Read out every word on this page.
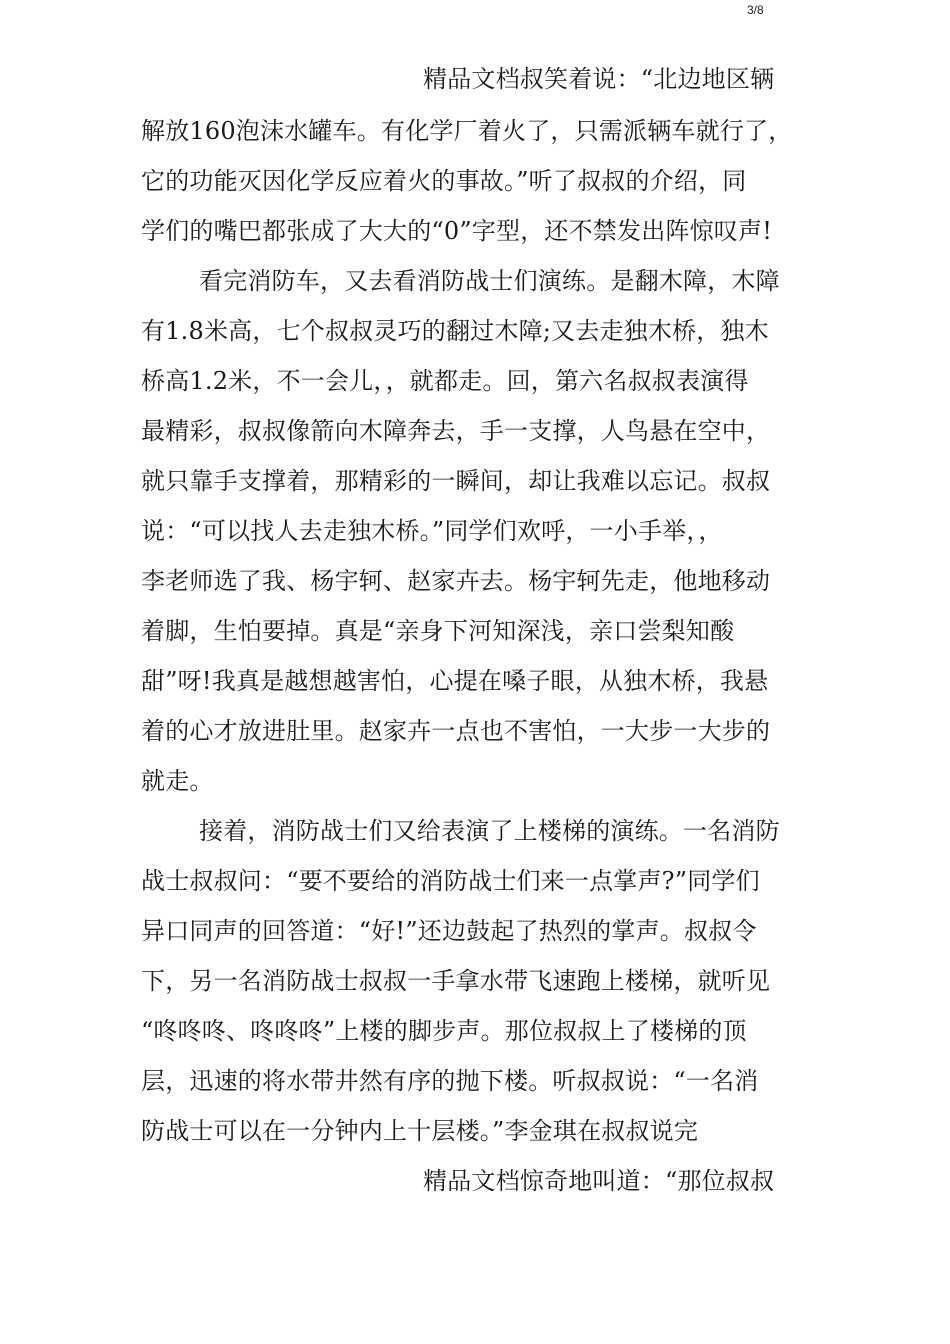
3/8
精品文档叔笑着说：“北边地区辆
解放160泡沫水罐车。有化学厂着火了，只需派辆车就行了，
它的功能灭因化学反应着火的事故。”听了叔叔的介绍，同
学们的嘴巴都张成了大大的“0”字型，还不禁发出阵惊叹声!
看完消防车，又去看消防战士们演练。是翻木障，木障
有1.8米高，七个叔叔灵巧的翻过木障;又去走独木桥，独木
桥高1.2米，不一会儿，，就都走。回，第六名叔叔表演得
最精彩，叔叔像箭向木障奔去，手一支撑，人鸟悬在空中，
就只靠手支撑着，那精彩的一瞬间，却让我难以忘记。叔叔
说：“可以找人去走独木桥。”同学们欢呼，一小手举，，
李老师选了我、杨宇轲、赵家卉去。杨宇轲先走，他地移动
着脚，生怕要掉。真是“亲身下河知深浅，亲口尝梨知酸
甜”呀!我真是越想越害怕，心提在嗓子眼，从独木桥，我悬
着的心才放进肚里。赵家卉一点也不害怕，一大步一大步的
就走。
接着，消防战士们又给表演了上楼梯的演练。一名消防
战士叔叔问：“要不要给的消防战士们来一点掌声?”同学们
异口同声的回答道：“好!”还边鼓起了热烈的掌声。叔叔令
下，另一名消防战士叔叔一手拿水带飞速跑上楼梯，就听见
“咚咚咚、咚咚咚”上楼的脚步声。那位叔叔上了楼梯的顶
层，迅速的将水带井然有序的抛下楼。听叔叔说：“一名消
防战士可以在一分钟内上十层楼。”李金琪在叔叔说完
精品文档惊奇地叫道：“那位叔叔
